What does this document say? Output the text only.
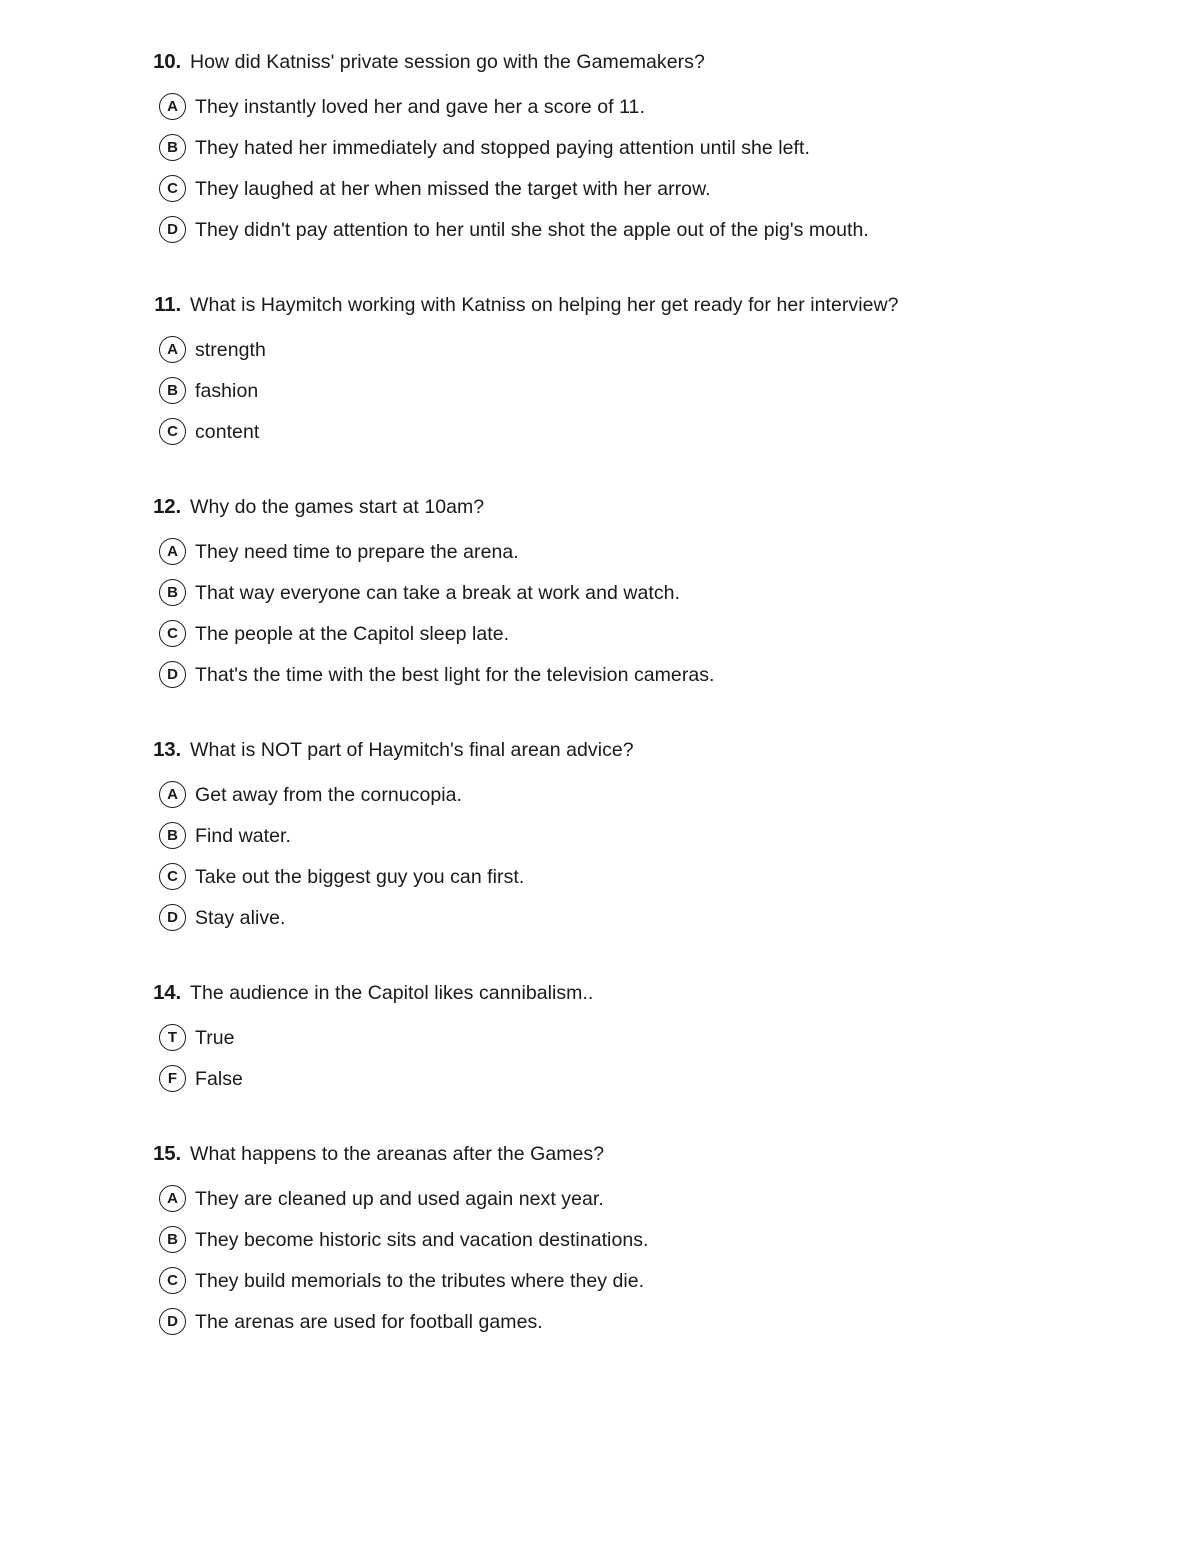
10. How did Katniss' private session go with the Gamemakers?
A They instantly loved her and gave her a score of 11.
B They hated her immediately and stopped paying attention until she left.
C They laughed at her when missed the target with her arrow.
D They didn't pay attention to her until she shot the apple out of the pig's mouth.
11. What is Haymitch working with Katniss on helping her get ready for her interview?
A strength
B fashion
C content
12. Why do the games start at 10am?
A They need time to prepare the arena.
B That way everyone can take a break at work and watch.
C The people at the Capitol sleep late.
D That's the time with the best light for the television cameras.
13. What is NOT part of Haymitch's final arean advice?
A Get away from the cornucopia.
B Find water.
C Take out the biggest guy you can first.
D Stay alive.
14. The audience in the Capitol likes cannibalism..
T True
F False
15. What happens to the areanas after the Games?
A They are cleaned up and used again next year.
B They become historic sits and vacation destinations.
C They build memorials to the tributes where they die.
D The arenas are used for football games.
